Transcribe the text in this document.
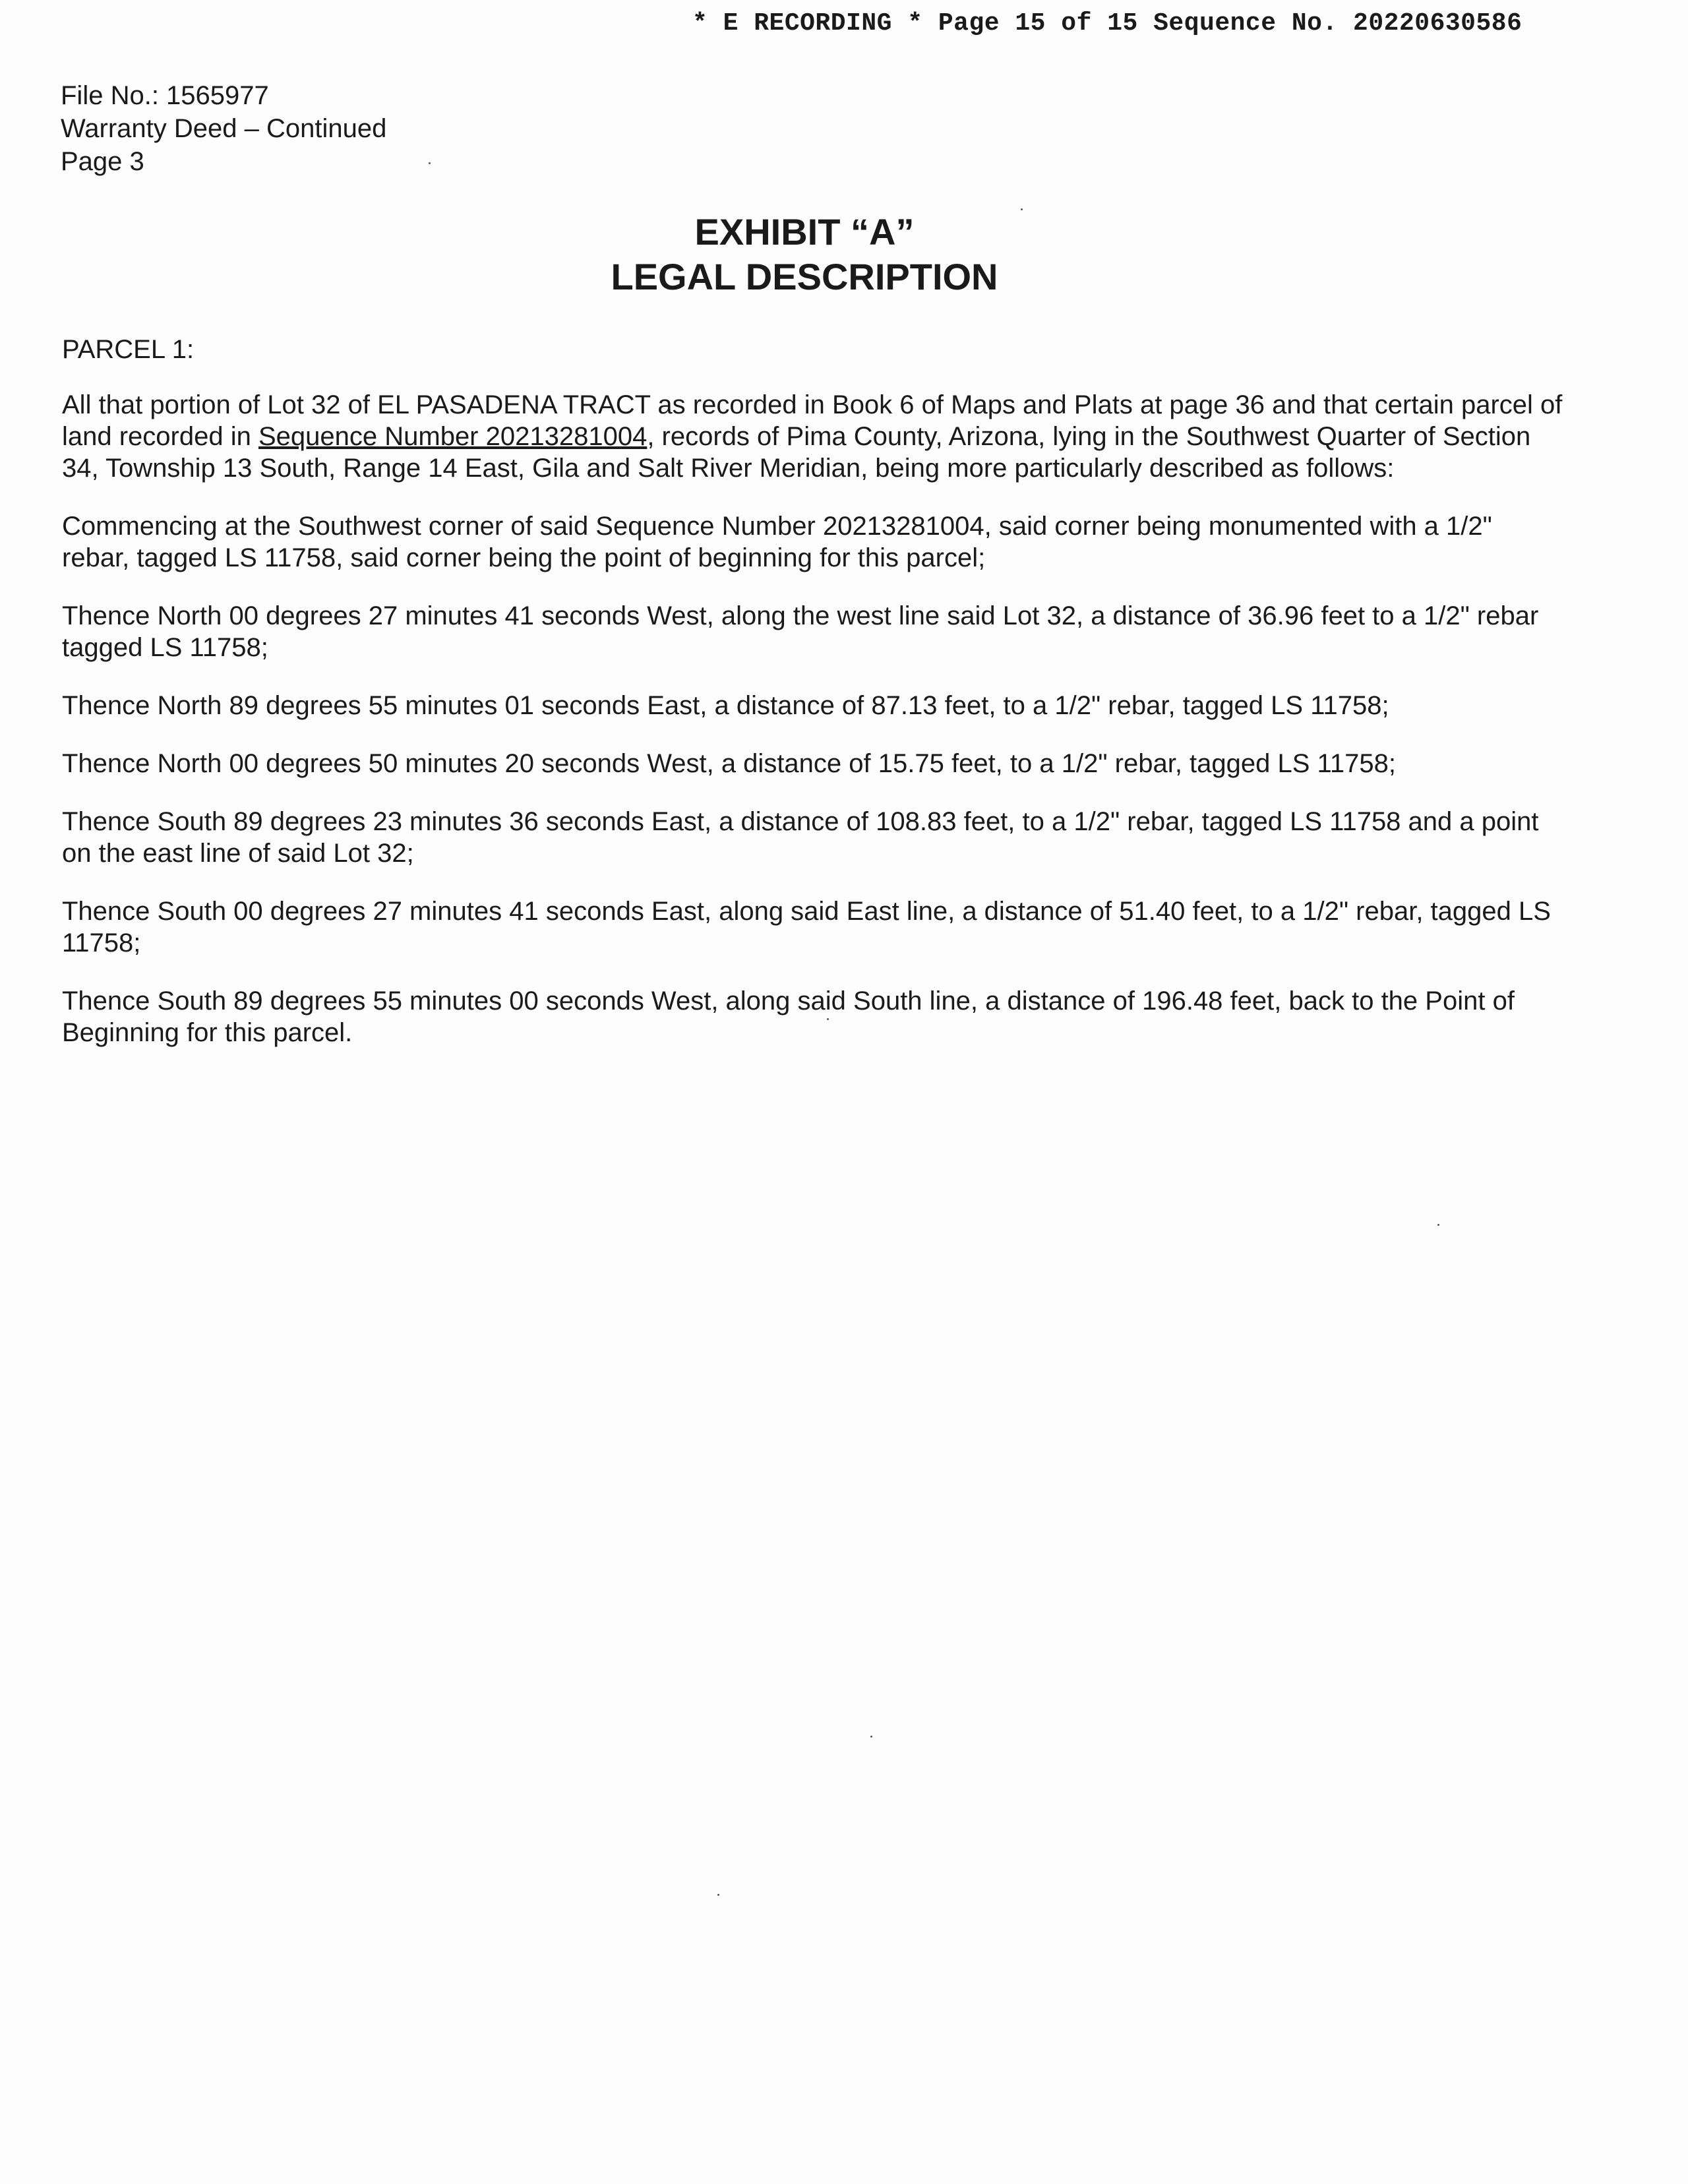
* E RECORDING * Page 15 of 15 Sequence No. 20220630586
File No.: 1565977
Warranty Deed – Continued
Page 3
EXHIBIT “A”
LEGAL DESCRIPTION
PARCEL 1:

All that portion of Lot 32 of EL PASADENA TRACT as recorded in Book 6 of Maps and Plats at page 36 and that certain parcel of land recorded in Sequence Number 20213281004, records of Pima County, Arizona, lying in the Southwest Quarter of Section 34, Township 13 South, Range 14 East, Gila and Salt River Meridian, being more particularly described as follows:

Commencing at the Southwest corner of said Sequence Number 20213281004, said corner being monumented with a 1/2" rebar, tagged LS 11758, said corner being the point of beginning for this parcel;

Thence North 00 degrees 27 minutes 41 seconds West, along the west line said Lot 32, a distance of 36.96 feet to a 1/2" rebar tagged LS 11758;

Thence North 89 degrees 55 minutes 01 seconds East, a distance of 87.13 feet, to a 1/2" rebar, tagged LS 11758;

Thence North 00 degrees 50 minutes 20 seconds West, a distance of 15.75 feet, to a 1/2" rebar, tagged LS 11758;

Thence South 89 degrees 23 minutes 36 seconds East, a distance of 108.83 feet, to a 1/2" rebar, tagged LS 11758 and a point on the east line of said Lot 32;

Thence South 00 degrees 27 minutes 41 seconds East, along said East line, a distance of 51.40 feet, to a 1/2" rebar, tagged LS 11758;

Thence South 89 degrees 55 minutes 00 seconds West, along said South line, a distance of 196.48 feet, back to the Point of Beginning for this parcel.
